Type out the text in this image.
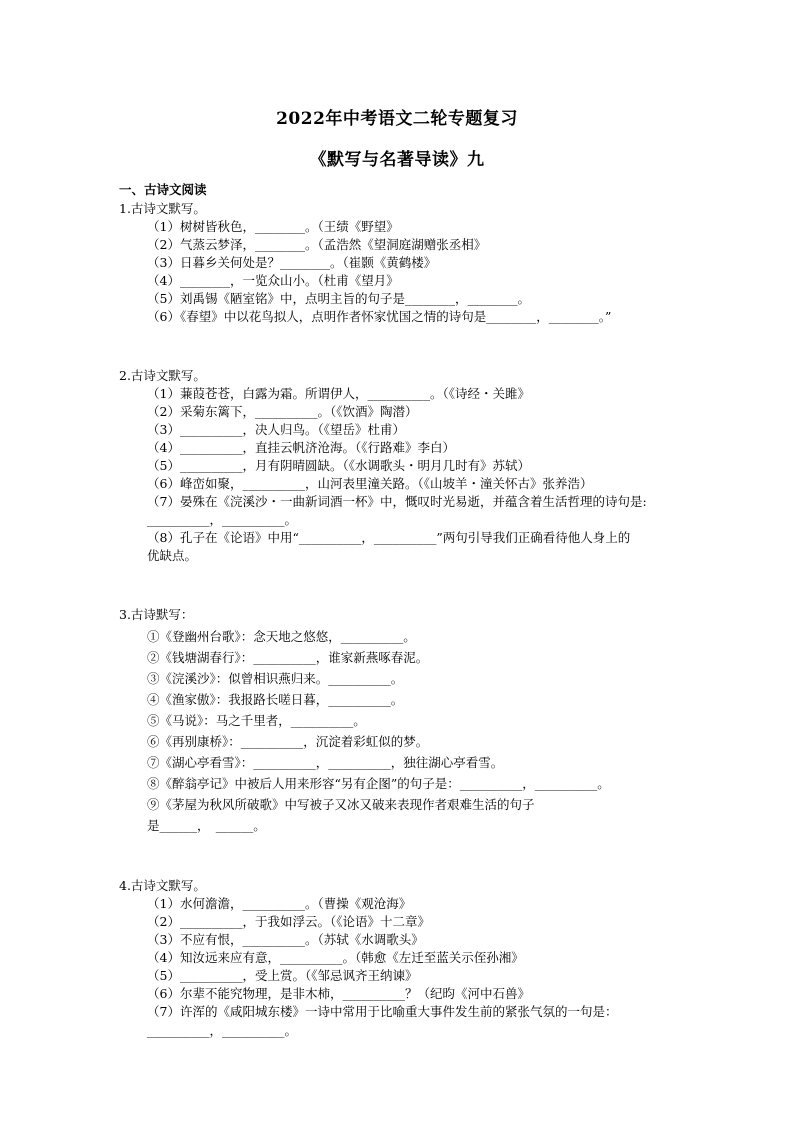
2022年中考语文二轮专题复习
《默写与名著导读》九
一、古诗文阅读
1.古诗文默写。
（1）树树皆秋色，________。（王绩《野望》
（2）气蒸云梦泽，________。（孟浩然《望洞庭湖赠张丞相》
（3）日暮乡关何处是？________。（崔颢《黄鹤楼》
（4）________，一览众山小。（杜甫《望月》
（5）刘禹锡《陋室铭》中，点明主旨的句子是________，________。
（6）《春望》中以花鸟拟人，点明作者怀家忧国之情的诗句是________，________。”
2.古诗文默写。
（1）蒹葭苍苍，白露为霜。所谓伊人，__________。（《诗经・关雎》
（2）采菊东篱下，__________。（《饮酒》陶潜）
（3）__________，决人归鸟。（《望岳》杜甫）
（4）__________，直挂云帆济沧海。（《行路难》李白）
（5）__________，月有阴晴圆缺。（《水调歌头・明月几时有》苏轼）
（6）峰峦如聚，__________，山河表里潼关路。（《山坡羊・潼关怀古》张养浩）
（7）晏殊在《浣溪沙・一曲新词酒一杯》中，慨叹时光易逝，并蕴含着生活哲理的诗句是:
__________，__________。
（8）孔子在《论语》中用“__________，__________”两句引导我们正确看待他人身上的
优缺点。
3.古诗默写：
①《登幽州台歌》：念天地之悠悠，__________。
②《钱塘湖春行》：__________，谁家新燕啄春泥。
③《浣溪沙》：似曾相识燕归来。__________。
④《渔家傲》：我报路长嗟日暮，__________。
⑤《马说》：马之千里者，__________。
⑥《再别康桥》：__________，沉淀着彩虹似的梦。
⑦《湖心亭看雪》：__________，__________，独往湖心亭看雪。
⑧《醉翁亭记》中被后人用来形容“另有企图”的句子是：__________，__________。
⑨《茅屋为秋风所破歌》中写被子又冰又破来表现作者艰难生活的句子
是______，　______。
4.古诗文默写。
（1）水何澹澹，__________。（曹操《观沧海》
（2）__________，于我如浮云。（《论语》十二章》
（3）不应有恨，__________。（苏轼《水调歌头》
（4）知汝远来应有意，__________。（韩愈《左迁至蓝关示侄孙湘》
（5）__________，受上赏。（《邹忌讽齐王纳谏》
（6）尔辈不能究物理，是非木柿，__________？（纪昀《河中石兽》
（7）许浑的《咸阳城东楼》一诗中常用于比喻重大事件发生前的紧张气氛的一句是：
__________，__________。
